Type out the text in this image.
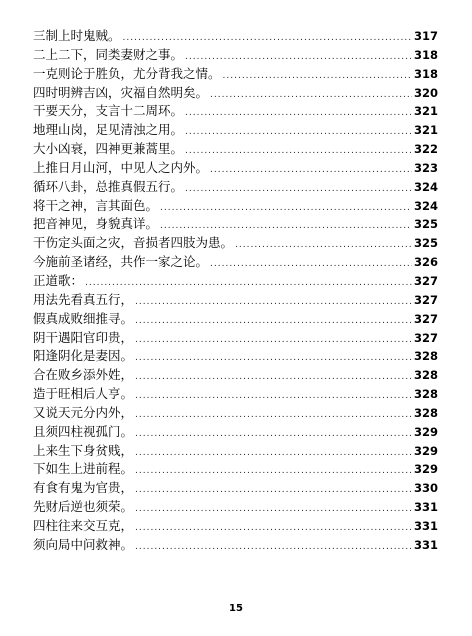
三制上时鬼贼。 .....	317
二上二下，同类妻财之事。 .....	318
一克则论于胜负，尤分背我之情。 .....	318
四时明辨吉凶，灾福自然明矣。 .....	320
干要天分，支言十二周环。 .....	321
地理山岗，足见清浊之用。 .....	321
大小凶衰，四神更兼蒿里。 .....	322
上推日月山河，中见人之内外。 .....	323
循环八卦，总推真假五行。 .....	324
将干之神，言其面色。 .....	324
把音神见，身貌真详。 .....	325
干伤定头面之灾，音损者四肢为患。 .....	325
今施前圣诸经，共作一家之论。 .....	326
正道歌： .....	327
用法先看真五行， .....	327
假真成败细推寻。 .....	327
阴干遇阳官印贵， .....	327
阳逢阴化是妻因。 .....	328
合在败乡添外姓， .....	328
造于旺相后人亨。 .....	328
又说天元分内外， .....	328
且须四柱视孤门。 .....	329
上来生下身贫贱， .....	329
下如生上进前程。 .....	329
有食有鬼为官贵， .....	330
先财后逆也须荣。 .....	331
四柱往来交互克， .....	331
须向局中问救神。 .....	331
15
